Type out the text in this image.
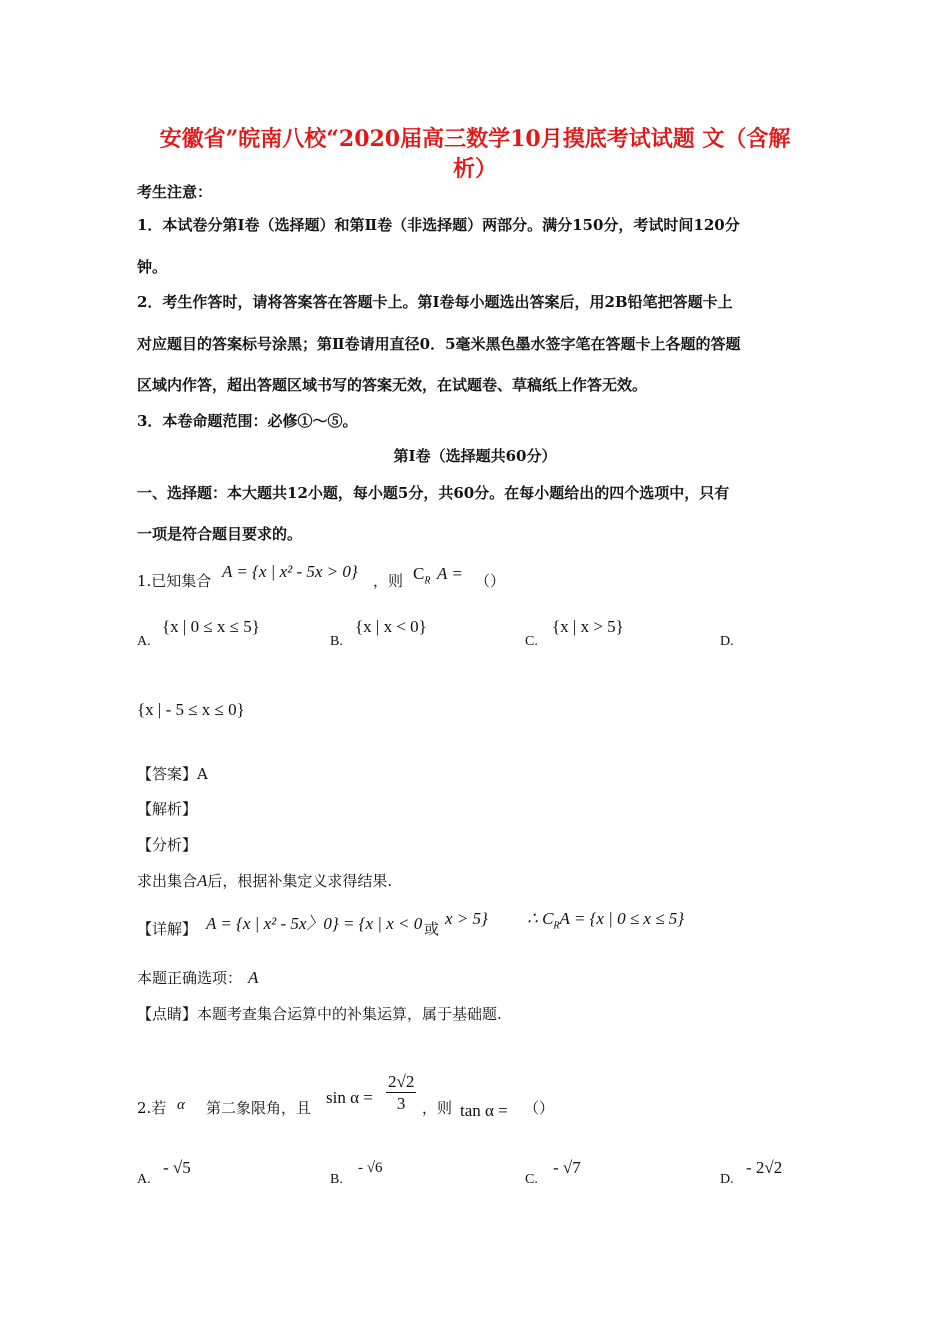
安徽省”皖南八校“2020届高三数学10月摸底考试试题 文（含解
析）
考生注意：
1．本试卷分第Ⅰ卷（选择题）和第Ⅱ卷（非选择题）两部分。满分150分，考试时间120分
钟。
2．考生作答时，请将答案答在答题卡上。第Ⅰ卷每小题选出答案后，用2B铅笔把答题卡上
对应题目的答案标号涂黑；第Ⅱ卷请用直径0．5毫米黑色墨水签字笔在答题卡上各题的答题
区域内作答，超出答题区域书写的答案无效，在试题卷、草稿纸上作答无效。
3．本卷命题范围：必修①～⑤。
第Ⅰ卷（选择题共60分）
一、选择题：本大题共12小题，每小题5分，共60分。在每小题给出的四个选项中，只有
一项是符合题目要求的。
1.已知集合 A = {x | x² - 5x > 0} ，则 $C_R$ A = （）
A.
{x | 0 ≤ x ≤ 5}
B.
{x | x < 0}
C.
{x | x > 5}
D.
{x | - 5 ≤ x ≤ 0}
【答案】A
【解析】
【分析】
求出集合A后，根据补集定义求得结果.
【详解】 A = {x | x² - 5x〉0} = {x | x < 0 或
x > 5} ∴ $C_RA = \{x$ | 0 ≤ x ≤ 5}
本题正确选项： A
【点睛】本题考查集合运算中的补集运算，属于基础题.
2.若 α 第二象限角，且
$\sin \alpha = \frac{2√2}{3}$ ，则 tan α = （）
A.
- √5
B.
- √6
C.
- √7
D.
- 2√2
